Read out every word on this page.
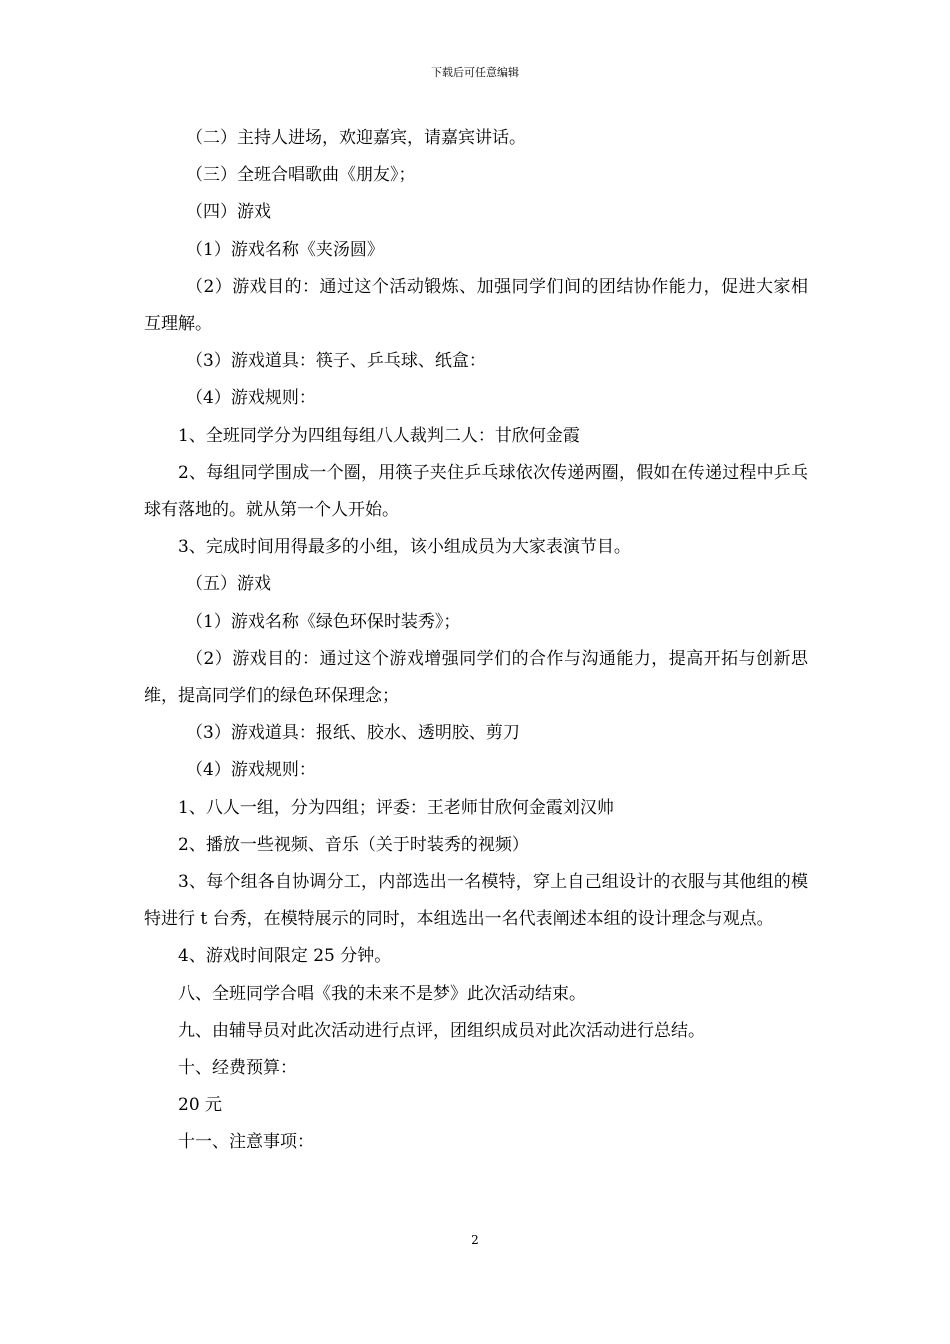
下载后可任意编辑

（二）主持人进场，欢迎嘉宾，请嘉宾讲话。

（三）全班合唱歌曲《朋友》；

（四）游戏

（1）游戏名称《夹汤圆》

（2）游戏目的：通过这个活动锻炼、加强同学们间的团结协作能力，促进大家相互理解。

（3）游戏道具：筷子、乒乓球、纸盒：

（4）游戏规则：

1、全班同学分为四组每组八人裁判二人：甘欣何金霞

2、每组同学围成一个圈，用筷子夹住乒乓球依次传递两圈，假如在传递过程中乒乓球有落地的。就从第一个人开始。

3、完成时间用得最多的小组，该小组成员为大家表演节目。

（五）游戏

（1）游戏名称《绿色环保时装秀》；

（2）游戏目的：通过这个游戏增强同学们的合作与沟通能力，提高开拓与创新思维，提高同学们的绿色环保理念；

（3）游戏道具：报纸、胶水、透明胶、剪刀

（4）游戏规则：

1、八人一组，分为四组；评委：王老师甘欣何金霞刘汉帅

2、播放一些视频、音乐（关于时装秀的视频）

3、每个组各自协调分工，内部选出一名模特，穿上自己组设计的衣服与其他组的模特进行 t 台秀，在模特展示的同时，本组选出一名代表阐述本组的设计理念与观点。

4、游戏时间限定 25 分钟。

八、全班同学合唱《我的未来不是梦》此次活动结束。

九、由辅导员对此次活动进行点评，团组织成员对此次活动进行总结。

十、经费预算：

20 元

十一、注意事项：

2
